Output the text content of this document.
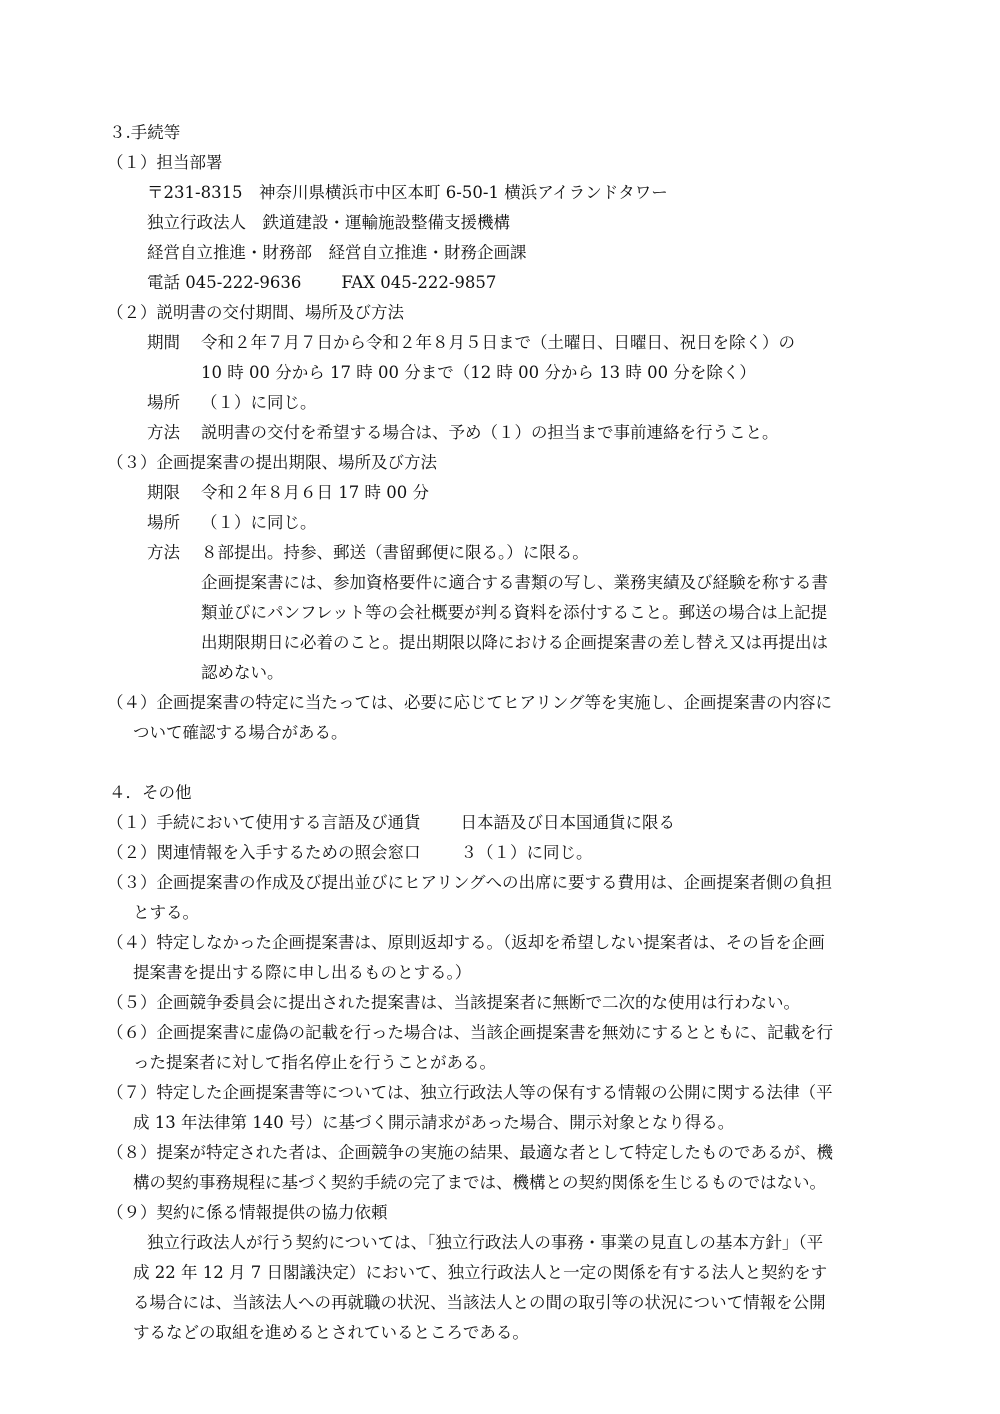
３.手続等
（１）担当部署
〒231-8315　神奈川県横浜市中区本町 6-50-1 横浜アイランドタワー
独立行政法人　鉄道建設・運輸施設整備支援機構
経営自立推進・財務部　経営自立推進・財務企画課
電話 045-222-9636 FAX 045-222-9857
（２）説明書の交付期間、場所及び方法
期間	令和２年７月７日から令和２年８月５日まで（土曜日、日曜日、祝日を除く）の
10 時 00 分から 17 時 00 分まで（12 時 00 分から 13 時 00 分を除く）
場所	（１）に同じ。
方法	説明書の交付を希望する場合は、予め（１）の担当まで事前連絡を行うこと。
（３）企画提案書の提出期限、場所及び方法
期限	令和２年８月６日 17 時 00 分
場所	（１）に同じ。
方法	８部提出。持参、郵送（書留郵便に限る。）に限る。
企画提案書には、参加資格要件に適合する書類の写し、業務実績及び経験を称する書
類並びにパンフレット等の会社概要が判る資料を添付すること。郵送の場合は上記提
出期限期日に必着のこと。提出期限以降における企画提案書の差し替え又は再提出は
認めない。
（４）企画提案書の特定に当たっては、必要に応じてヒアリング等を実施し、企画提案書の内容に
ついて確認する場合がある。
４．その他
（１）手続において使用する言語及び通貨 日本語及び日本国通貨に限る
（２）関連情報を入手するための照会窓口 ３（１）に同じ。
（３）企画提案書の作成及び提出並びにヒアリングへの出席に要する費用は、企画提案者側の負担
とする。
（４）特定しなかった企画提案書は、原則返却する。（返却を希望しない提案者は、その旨を企画
提案書を提出する際に申し出るものとする。）
（５）企画競争委員会に提出された提案書は、当該提案者に無断で二次的な使用は行わない。
（６）企画提案書に虚偽の記載を行った場合は、当該企画提案書を無効にするとともに、記載を行
った提案者に対して指名停止を行うことがある。
（７）特定した企画提案書等については、独立行政法人等の保有する情報の公開に関する法律（平
成 13 年法律第 140 号）に基づく開示請求があった場合、開示対象となり得る。
（８）提案が特定された者は、企画競争の実施の結果、最適な者として特定したものであるが、機
構の契約事務規程に基づく契約手続の完了までは、機構との契約関係を生じるものではない。
（９）契約に係る情報提供の協力依頼
独立行政法人が行う契約については、「独立行政法人の事務・事業の見直しの基本方針」（平
成 22 年 12 月 7 日閣議決定）において、独立行政法人と一定の関係を有する法人と契約をす
る場合には、当該法人への再就職の状況、当該法人との間の取引等の状況について情報を公開
するなどの取組を進めるとされているところである。
